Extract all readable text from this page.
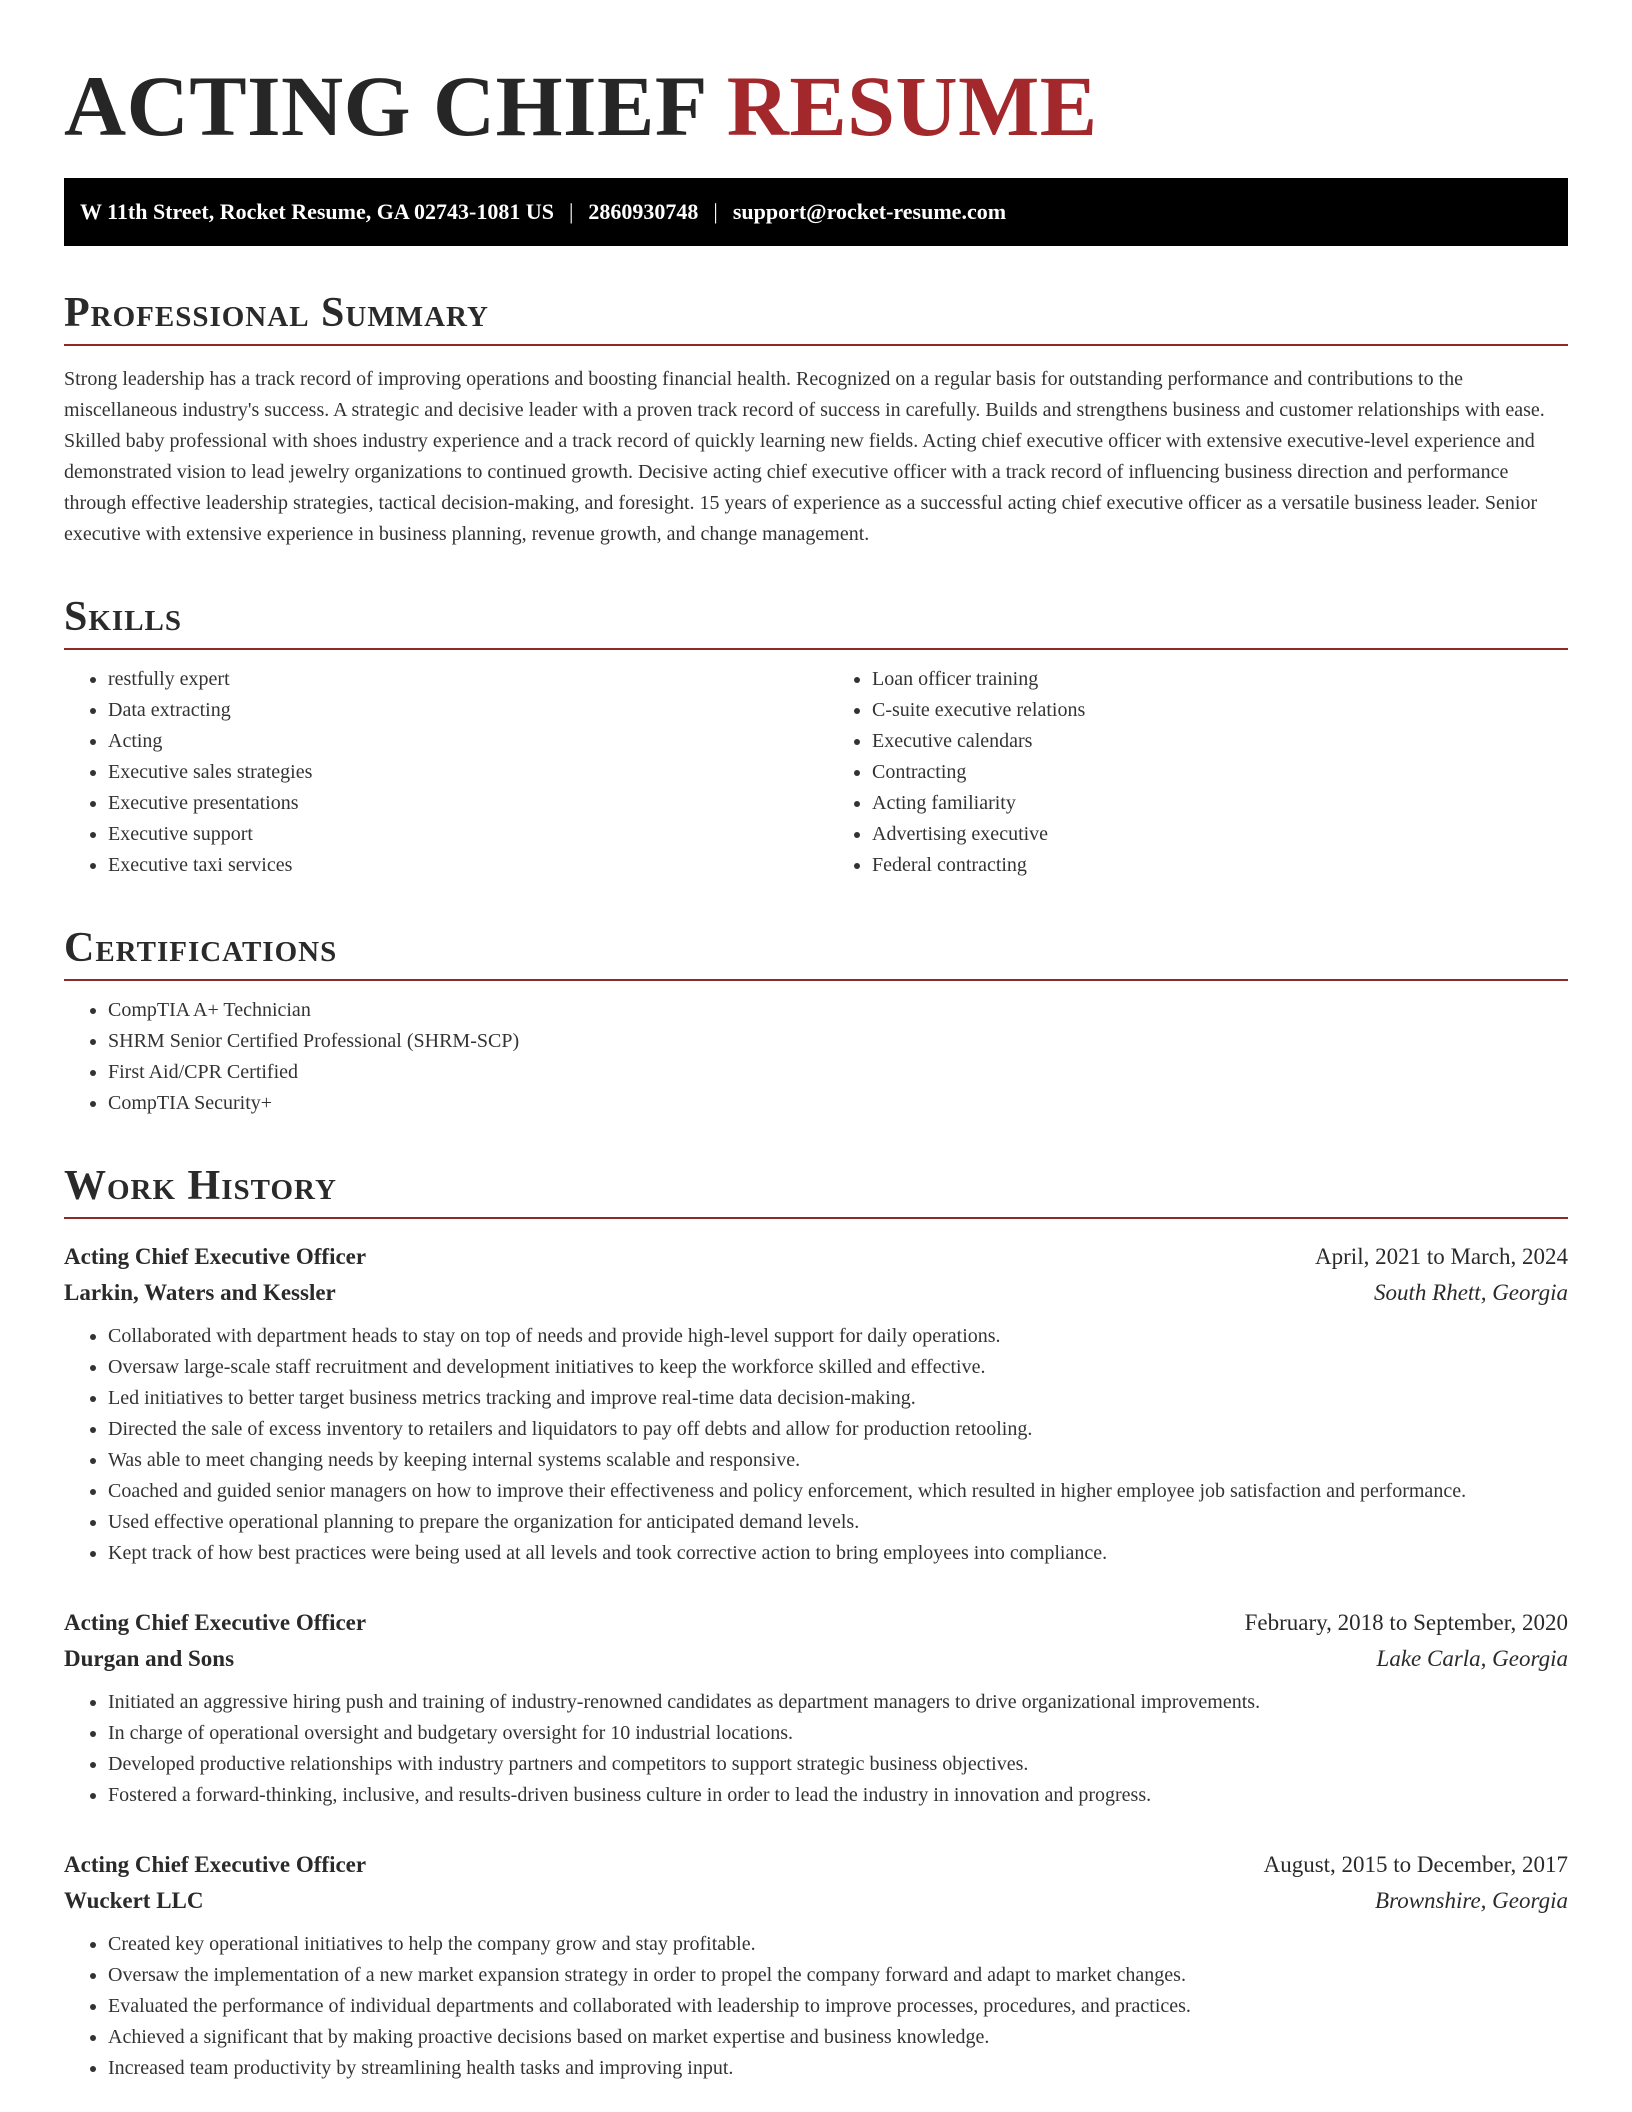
ACTING CHIEF RESUME
W 11th Street, Rocket Resume, GA 02743-1081 US | 2860930748 | support@rocket-resume.com
Professional Summary

Strong leadership has a track record of improving operations and boosting financial health. Recognized on a regular basis for outstanding performance and contributions to the miscellaneous industry's success. A strategic and decisive leader with a proven track record of success in carefully. Builds and strengthens business and customer relationships with ease. Skilled baby professional with shoes industry experience and a track record of quickly learning new fields. Acting chief executive officer with extensive executive-level experience and demonstrated vision to lead jewelry organizations to continued growth. Decisive acting chief executive officer with a track record of influencing business direction and performance through effective leadership strategies, tactical decision-making, and foresight. 15 years of experience as a successful acting chief executive officer as a versatile business leader. Senior executive with extensive experience in business planning, revenue growth, and change management.

Skills
• restfully expert
• Data extracting
• Acting
• Executive sales strategies
• Executive presentations
• Executive support
• Executive taxi services
• Loan officer training
• C-suite executive relations
• Executive calendars
• Contracting
• Acting familiarity
• Advertising executive
• Federal contracting
Certifications
• CompTIA A+ Technician
• SHRM Senior Certified Professional (SHRM-SCP)
• First Aid/CPR Certified
• CompTIA Security+
Work History
Acting Chief Executive Officer	April, 2021 to March, 2024
Larkin, Waters and Kessler	South Rhett, Georgia
• Collaborated with department heads to stay on top of needs and provide high-level support for daily operations.
• Oversaw large-scale staff recruitment and development initiatives to keep the workforce skilled and effective.
• Led initiatives to better target business metrics tracking and improve real-time data decision-making.
• Directed the sale of excess inventory to retailers and liquidators to pay off debts and allow for production retooling.
• Was able to meet changing needs by keeping internal systems scalable and responsive.
• Coached and guided senior managers on how to improve their effectiveness and policy enforcement, which resulted in higher employee job satisfaction and performance.
• Used effective operational planning to prepare the organization for anticipated demand levels.
• Kept track of how best practices were being used at all levels and took corrective action to bring employees into compliance.
Acting Chief Executive Officer	February, 2018 to September, 2020
Durgan and Sons	Lake Carla, Georgia
• Initiated an aggressive hiring push and training of industry-renowned candidates as department managers to drive organizational improvements.
• In charge of operational oversight and budgetary oversight for 10 industrial locations.
• Developed productive relationships with industry partners and competitors to support strategic business objectives.
• Fostered a forward-thinking, inclusive, and results-driven business culture in order to lead the industry in innovation and progress.
Acting Chief Executive Officer	August, 2015 to December, 2017
Wuckert LLC	Brownshire, Georgia
• Created key operational initiatives to help the company grow and stay profitable.
• Oversaw the implementation of a new market expansion strategy in order to propel the company forward and adapt to market changes.
• Evaluated the performance of individual departments and collaborated with leadership to improve processes, procedures, and practices.
• Achieved a significant that by making proactive decisions based on market expertise and business knowledge.
• Increased team productivity by streamlining health tasks and improving input.
